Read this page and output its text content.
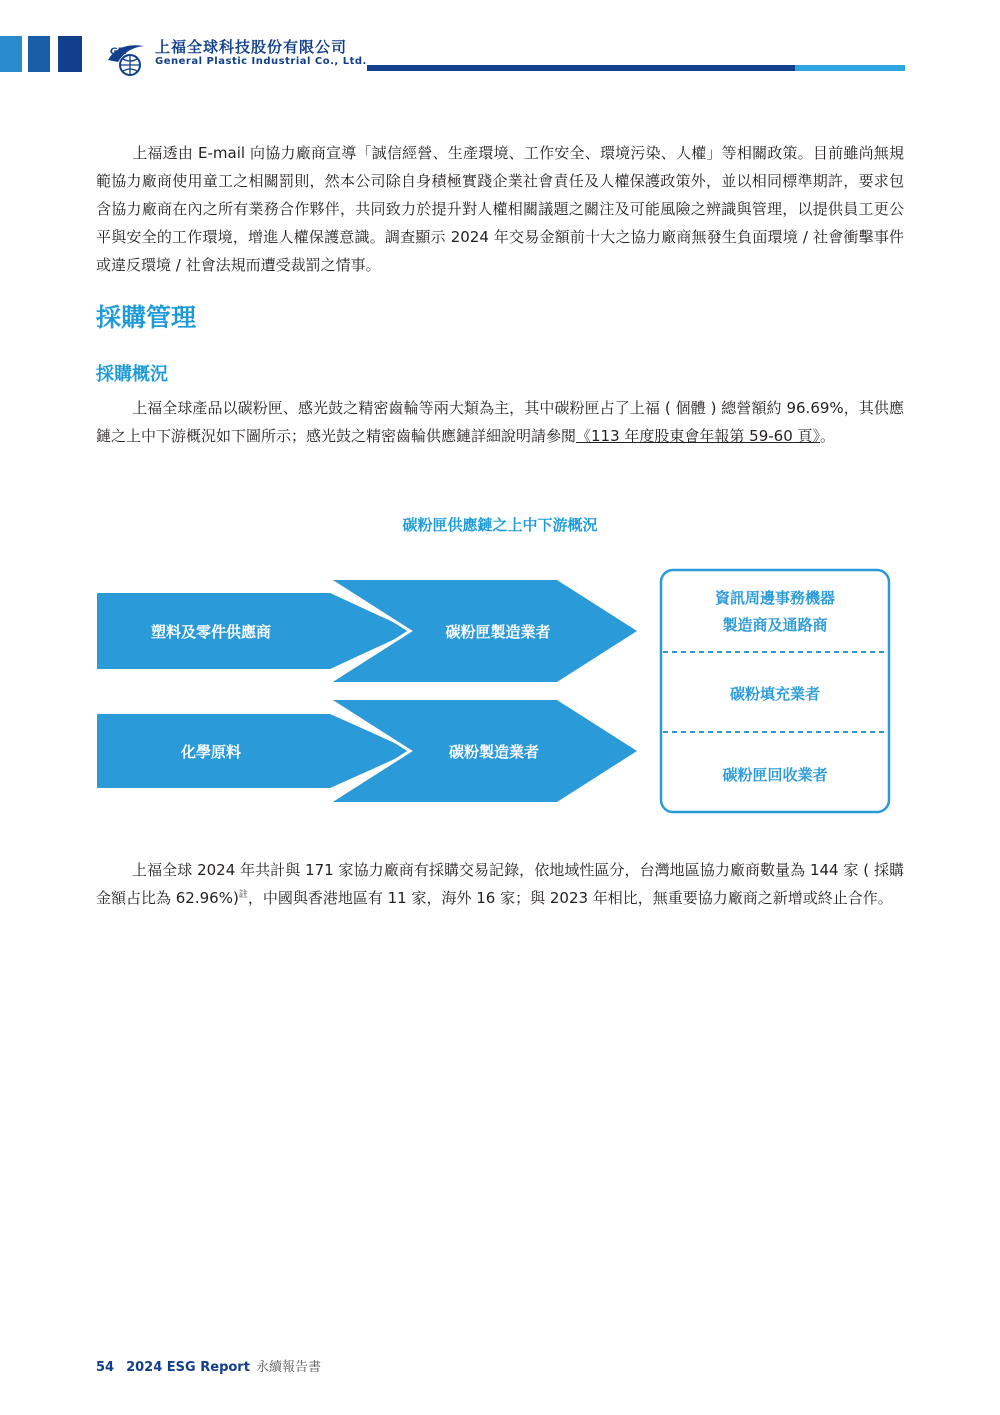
GPI 上福全球科技股份有限公司
General Plastic Industrial Co., Ltd.

上福透由 E-mail 向協力廠商宣導「誠信經營、生產環境、工作安全、環境污染、人權」等相關政策。目前雖尚無規範協力廠商使用童工之相關罰則，然本公司除自身積極實踐企業社會責任及人權保護政策外，並以相同標準期許，要求包含協力廠商在內之所有業務合作夥伴，共同致力於提升對人權相關議題之關注及可能風險之辨識與管理，以提供員工更公平與安全的工作環境，增進人權保護意識。調查顯示 2024 年交易金額前十大之協力廠商無發生負面環境 / 社會衝擊事件或違反環境 / 社會法規而遭受裁罰之情事。

採購管理
採購概況

上福全球產品以碳粉匣、感光鼓之精密齒輪等兩大類為主，其中碳粉匣占了上福 ( 個體 ) 總營額約 96.69%，其供應鏈之上中下游概況如下圖所示；感光鼓之精密齒輪供應鏈詳細說明請參閱《113 年度股東會年報第 59-60 頁》。

碳粉匣供應鏈之上中下游概況
塑料及零件供應商	碳粉匣製造業者
化學原料	碳粉製造業者
資訊周邊事務機器
製造商及通路商
碳粉填充業者
碳粉匣回收業者

上福全球 2024 年共計與 171 家協力廠商有採購交易記錄，依地域性區分，台灣地區協力廠商數量為 144 家 ( 採購金額占比為 62.96%)$^註$，中國與香港地區有 11 家，海外 16 家；與 2023 年相比，無重要協力廠商之新增或終止合作。

54 2024 ESG Report 永續報告書
